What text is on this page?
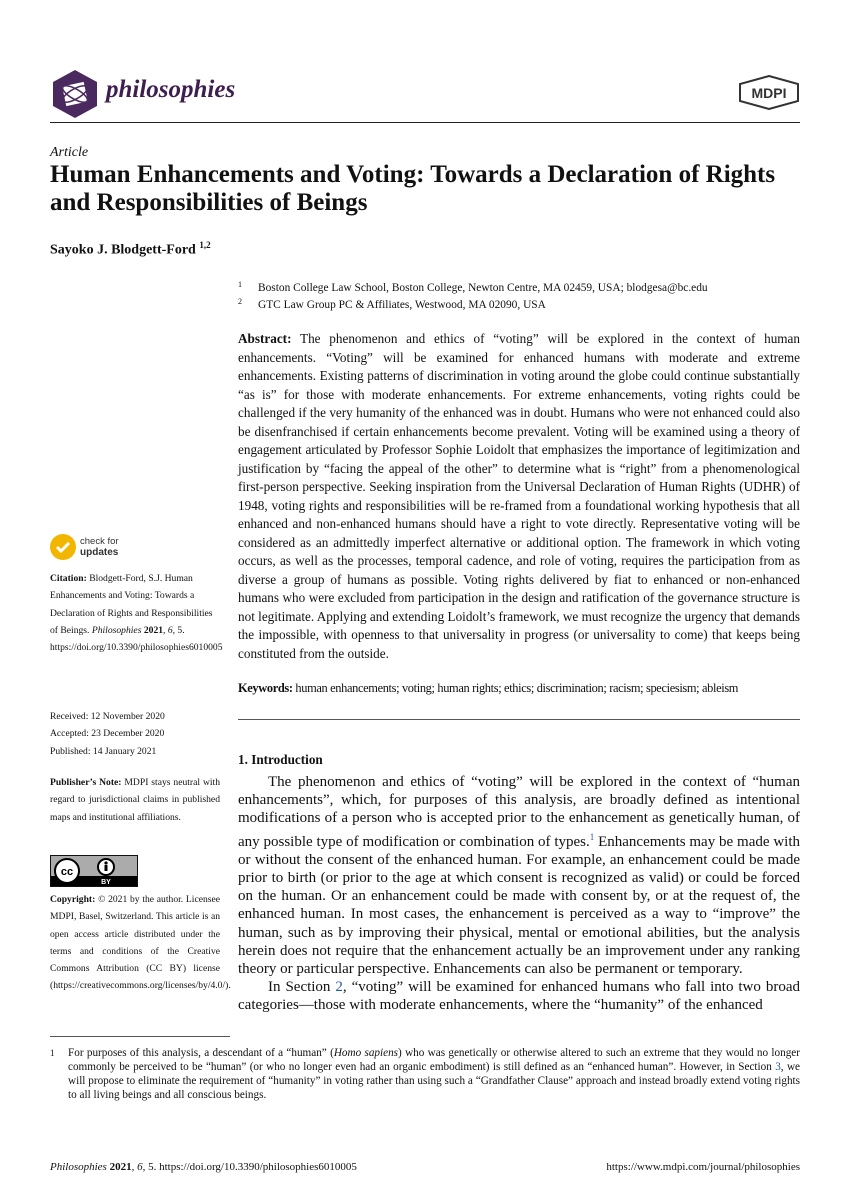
philosophies	MDPI
Article
Human Enhancements and Voting: Towards a Declaration of Rights and Responsibilities of Beings
Sayoko J. Blodgett-Ford $^{1,2}$
1 Boston College Law School, Boston College, Newton Centre, MA 02459, USA; blodgesa@bc.edu
2 GTC Law Group PC & Affiliates, Westwood, MA 02090, USA
Abstract: The phenomenon and ethics of “voting” will be explored in the context of human enhancements. “Voting” will be examined for enhanced humans with moderate and extreme enhancements. Existing patterns of discrimination in voting around the globe could continue substantially “as is” for those with moderate enhancements. For extreme enhancements, voting rights could be challenged if the very humanity of the enhanced was in doubt. Humans who were not enhanced could also be disenfranchised if certain enhancements become prevalent. Voting will be examined using a theory of engagement articulated by Professor Sophie Loidolt that emphasizes the importance of legitimization and justification by “facing the appeal of the other” to determine what is “right” from a phenomenological first-person perspective. Seeking inspiration from the Universal Declaration of Human Rights (UDHR) of 1948, voting rights and responsibilities will be re-framed from a foundational working hypothesis that all enhanced and non-enhanced humans should have a right to vote directly. Representative voting will be considered as an admittedly imperfect alternative or additional option. The framework in which voting occurs, as well as the processes, temporal cadence, and role of voting, requires the participation from as diverse a group of humans as possible. Voting rights delivered by fiat to enhanced or non-enhanced humans who were excluded from participation in the design and ratification of the governance structure is not legitimate. Applying and extending Loidolt’s framework, we must recognize the urgency that demands the impossible, with openness to that universality in progress (or universality to come) that keeps being constituted from the outside.
Keywords: human enhancements; voting; human rights; ethics; discrimination; racism; speciesism; ableism
1. Introduction

The phenomenon and ethics of “voting” will be explored in the context of “human enhancements”, which, for purposes of this analysis, are broadly defined as intentional modifications of a person who is accepted prior to the enhancement as genetically human, of any possible type of modification or combination of types.$^1$ Enhancements may be made with or without the consent of the enhanced human. For example, an enhancement could be made prior to birth (or prior to the age at which consent is recognized as valid) or could be forced on the human. Or an enhancement could be made with consent by, or at the request of, the enhanced human. In most cases, the enhancement is perceived as a way to “improve” the human, such as by improving their physical, mental or emotional abilities, but the analysis herein does not require that the enhancement actually be an improvement under any ranking theory or particular perspective. Enhancements can also be permanent or temporary.

In Section 2, “voting” will be examined for enhanced humans who fall into two broad categories—those with moderate enhancements, where the “humanity” of the enhanced

check for
updates
Citation: Blodgett-Ford, S.J. Human Enhancements and Voting: Towards a Declaration of Rights and Responsibilities of Beings. Philosophies 2021, 6, 5. https://doi.org/10.3390/philosophies6010005
Received: 12 November 2020
Accepted: 23 December 2020
Published: 14 January 2021
Publisher’s Note: MDPI stays neutral with regard to jurisdictional claims in published maps and institutional affiliations.
cc
BY
Copyright: © 2021 by the author. Licensee MDPI, Basel, Switzerland. This article is an open access article distributed under the terms and conditions of the Creative Commons Attribution (CC BY) license (https://creativecommons.org/licenses/by/4.0/).
1 For purposes of this analysis, a descendant of a “human” (Homo sapiens) who was genetically or otherwise altered to such an extreme that they would no longer commonly be perceived to be “human” (or who no longer even had an organic embodiment) is still defined as an “enhanced human”. However, in Section 3, we will propose to eliminate the requirement of “humanity” in voting rather than using such a “Grandfather Clause” approach and instead broadly extend voting rights to all living beings and all conscious beings.
Philosophies 2021, 6, 5. https://doi.org/10.3390/philosophies6010005	https://www.mdpi.com/journal/philosophies
